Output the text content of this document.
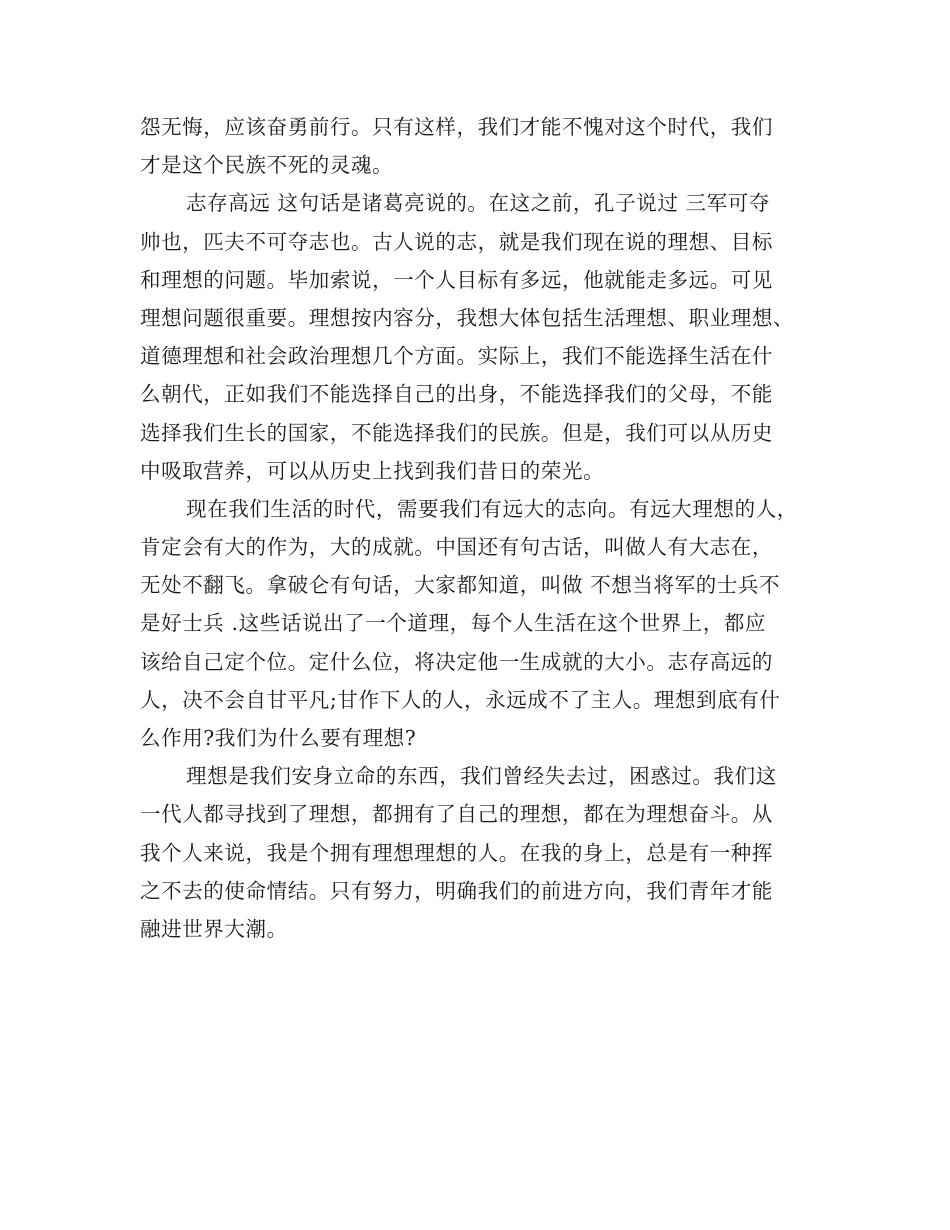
怨无悔，应该奋勇前行。只有这样，我们才能不愧对这个时代，我们
才是这个民族不死的灵魂。
志存高远 这句话是诸葛亮说的。在这之前，孔子说过 三军可夺
帅也，匹夫不可夺志也。古人说的志，就是我们现在说的理想、目标
和理想的问题。毕加索说，一个人目标有多远，他就能走多远。可见
理想问题很重要。理想按内容分，我想大体包括生活理想、职业理想、
道德理想和社会政治理想几个方面。实际上，我们不能选择生活在什
么朝代，正如我们不能选择自己的出身，不能选择我们的父母，不能
选择我们生长的国家，不能选择我们的民族。但是，我们可以从历史
中吸取营养，可以从历史上找到我们昔日的荣光。
现在我们生活的时代，需要我们有远大的志向。有远大理想的人，
肯定会有大的作为，大的成就。中国还有句古话，叫做人有大志在，
无处不翻飞。拿破仑有句话，大家都知道，叫做 不想当将军的士兵不
是好士兵 .这些话说出了一个道理，每个人生活在这个世界上，都应
该给自己定个位。定什么位，将决定他一生成就的大小。志存高远的
人，决不会自甘平凡;甘作下人的人，永远成不了主人。理想到底有什
么作用?我们为什么要有理想?
理想是我们安身立命的东西，我们曾经失去过，困惑过。我们这
一代人都寻找到了理想，都拥有了自己的理想，都在为理想奋斗。从
我个人来说，我是个拥有理想理想的人。在我的身上，总是有一种挥
之不去的使命情结。只有努力，明确我们的前进方向，我们青年才能
融进世界大潮。
